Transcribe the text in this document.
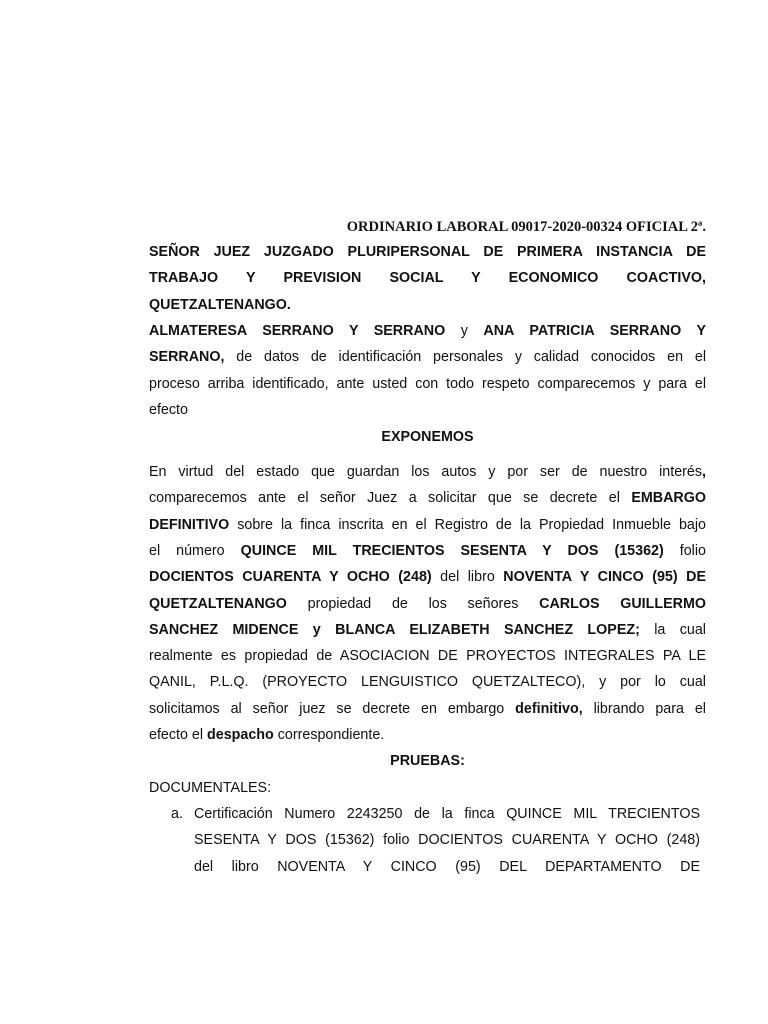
ORDINARIO LABORAL 09017-2020-00324 OFICIAL 2ª.
SEÑOR JUEZ JUZGADO PLURIPERSONAL DE PRIMERA INSTANCIA DE
TRABAJO Y PREVISION SOCIAL Y ECONOMICO COACTIVO,
QUETZALTENANGO.
ALMATERESA SERRANO Y SERRANO y ANA PATRICIA SERRANO Y
SERRANO, de datos de identificación personales y calidad conocidos en el
proceso arriba identificado, ante usted con todo respeto comparecemos y para el
efecto
EXPONEMOS
En virtud del estado que guardan los autos y por ser de nuestro interés,
comparecemos ante el señor Juez a solicitar que se decrete el EMBARGO
DEFINITIVO sobre la finca inscrita en el Registro de la Propiedad Inmueble bajo
el número QUINCE MIL TRECIENTOS SESENTA Y DOS (15362) folio
DOCIENTOS CUARENTA Y OCHO (248) del libro NOVENTA Y CINCO (95) DE
QUETZALTENANGO propiedad de los señores CARLOS GUILLERMO
SANCHEZ MIDENCE y BLANCA ELIZABETH SANCHEZ LOPEZ; la cual
realmente es propiedad de ASOCIACION DE PROYECTOS INTEGRALES PA LE
QANIL, P.L.Q. (PROYECTO LENGUISTICO QUETZALTECO), y por lo cual
solicitamos al señor juez se decrete en embargo definitivo, librando para el
efecto el despacho correspondiente.
PRUEBAS:
DOCUMENTALES:
a. Certificación Numero 2243250 de la finca QUINCE MIL TRECIENTOS
SESENTA Y DOS (15362) folio DOCIENTOS CUARENTA Y OCHO (248)
del libro NOVENTA Y CINCO (95) DEL DEPARTAMENTO DE
